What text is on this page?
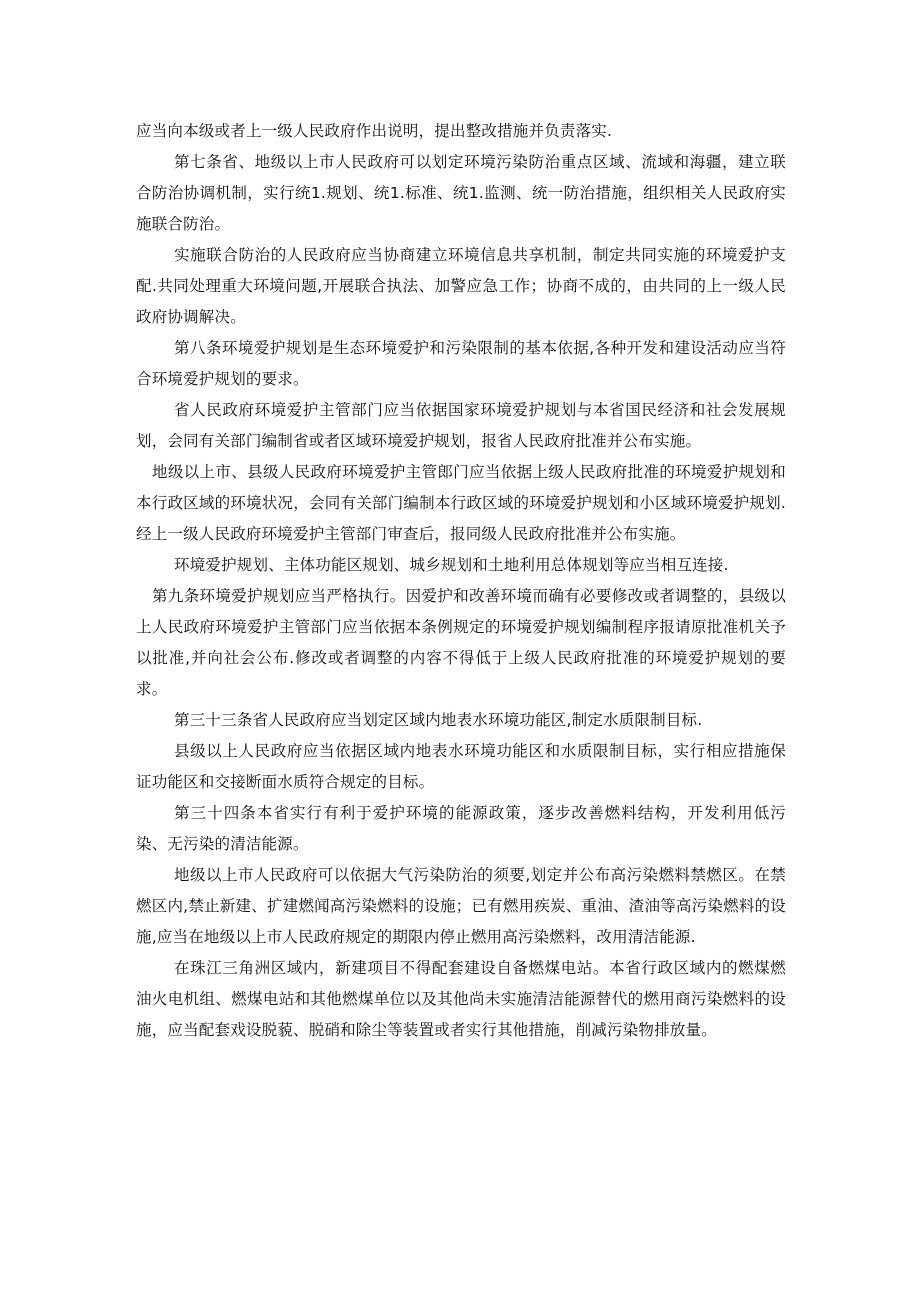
应当向本级或者上一级人民政府作出说明，提出整改措施并负责落实.

第七条省、地级以上市人民政府可以划定环境污染防治重点区域、流域和海疆，建立联合防治协调机制，实行统1.规划、统1.标准、统1.监测、统一防治措施，组织相关人民政府实施联合防治。

实施联合防治的人民政府应当协商建立环境信息共享机制，制定共同实施的环境爱护支配.共同处理重大环境问题,开展联合执法、加警应急工作；协商不成的，由共同的上一级人民政府协调解决。

第八条环境爱护规划是生态环境爱护和污染限制的基本依据,各种开发和建设活动应当符合环境爱护规划的要求。

省人民政府环境爱护主管部门应当依据国家环境爱护规划与本省国民经济和社会发展规划，会同有关部门编制省或者区域环境爱护规划，报省人民政府批准并公布实施。

地级以上市、县级人民政府环境爱护主管郎门应当依据上级人民政府批准的环境爱护规划和本行政区域的环境状况，会同有关部门编制本行政区域的环境爱护规划和小区域环境爱护规划.经上一级人民政府环境爱护主管部门审查后，报同级人民政府批准并公布实施。

环境爱护规划、主体功能区规划、城乡规划和土地利用总体规划等应当相互连接.

第九条环境爱护规划应当严格执行。因爱护和改善环境而确有必要修改或者调整的，县级以上人民政府环境爱护主管部门应当依据本条例规定的环境爱护规划编制程序报请原批准机关予以批准,并向社会公布.修改或者调整的内容不得低于上级人民政府批准的环境爱护规划的要求。

第三十三条省人民政府应当划定区域内地表水环境功能区,制定水质限制目标.

县级以上人民政府应当依据区域内地表水环境功能区和水质限制目标，实行相应措施保证功能区和交接断面水质符合规定的目标。

第三十四条本省实行有利于爱护环境的能源政策，逐步改善燃料结构，开发利用低污染、无污染的清洁能源。

地级以上市人民政府可以依据大气污染防治的须要,划定并公布高污染燃料禁燃区。在禁燃区内,禁止新建、扩建燃闻高污染燃料的设施；已有燃用疾炭、重油、渣油等高污染燃料的设施,应当在地级以上市人民政府规定的期限内停止燃用高污染燃料，改用清洁能源.

在珠江三角洲区域内，新建项目不得配套建设自备燃煤电站。本省行政区域内的燃煤燃油火电机组、燃煤电站和其他燃煤单位以及其他尚未实施清洁能源替代的燃用商污染燃料的设施，应当配套戏设脱藐、脱硝和除尘等装置或者实行其他措施，削减污染物排放量。
